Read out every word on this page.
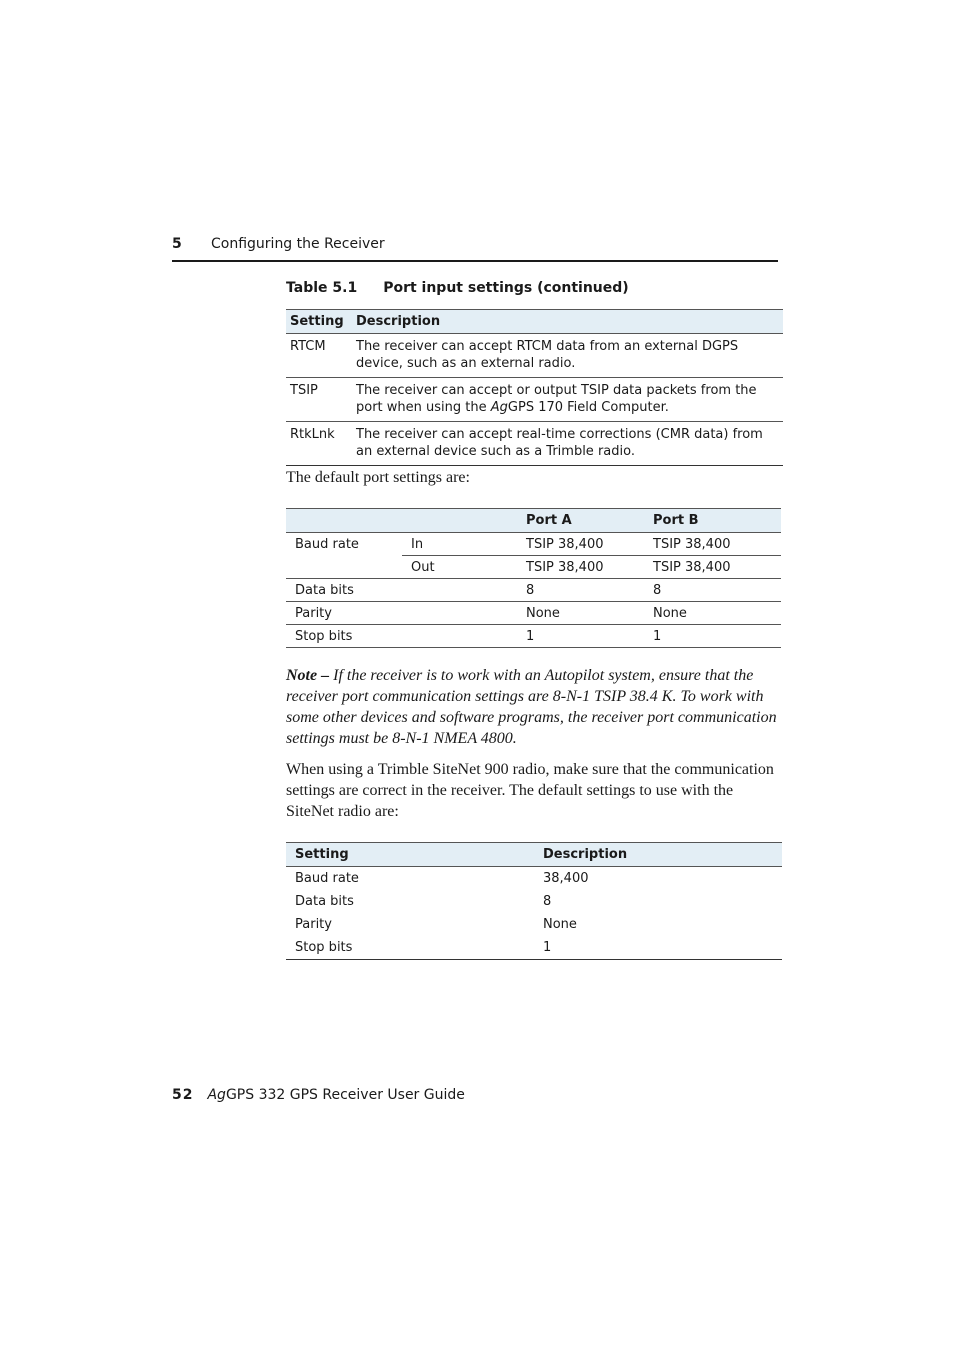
5 Configuring the Receiver
Table 5.1 Port input settings (continued)
Setting	Description
RTCM	The receiver can accept RTCM data from an external DGPS device, such as an external radio.
TSIP	The receiver can accept or output TSIP data packets from the port when using the AgGPS 170 Field Computer.
RtkLnk	The receiver can accept real-time corrections (CMR data) from an external device such as a Trimble radio.
The default port settings are:
		Port A	Port B
Baud rate	In	TSIP 38,400	TSIP 38,400
	Out	TSIP 38,400	TSIP 38,400
Data bits		8	8
Parity		None	None
Stop bits		1	1
Note – If the receiver is to work with an Autopilot system, ensure that the receiver port communication settings are 8-N-1 TSIP 38.4 K. To work with some other devices and software programs, the receiver port communication settings must be 8-N-1 NMEA 4800.
When using a Trimble SiteNet 900 radio, make sure that the communication settings are correct in the receiver. The default settings to use with the SiteNet radio are:
Setting	Description
Baud rate	38,400
Data bits	8
Parity	None
Stop bits	1
52 AgGPS 332 GPS Receiver User Guide
